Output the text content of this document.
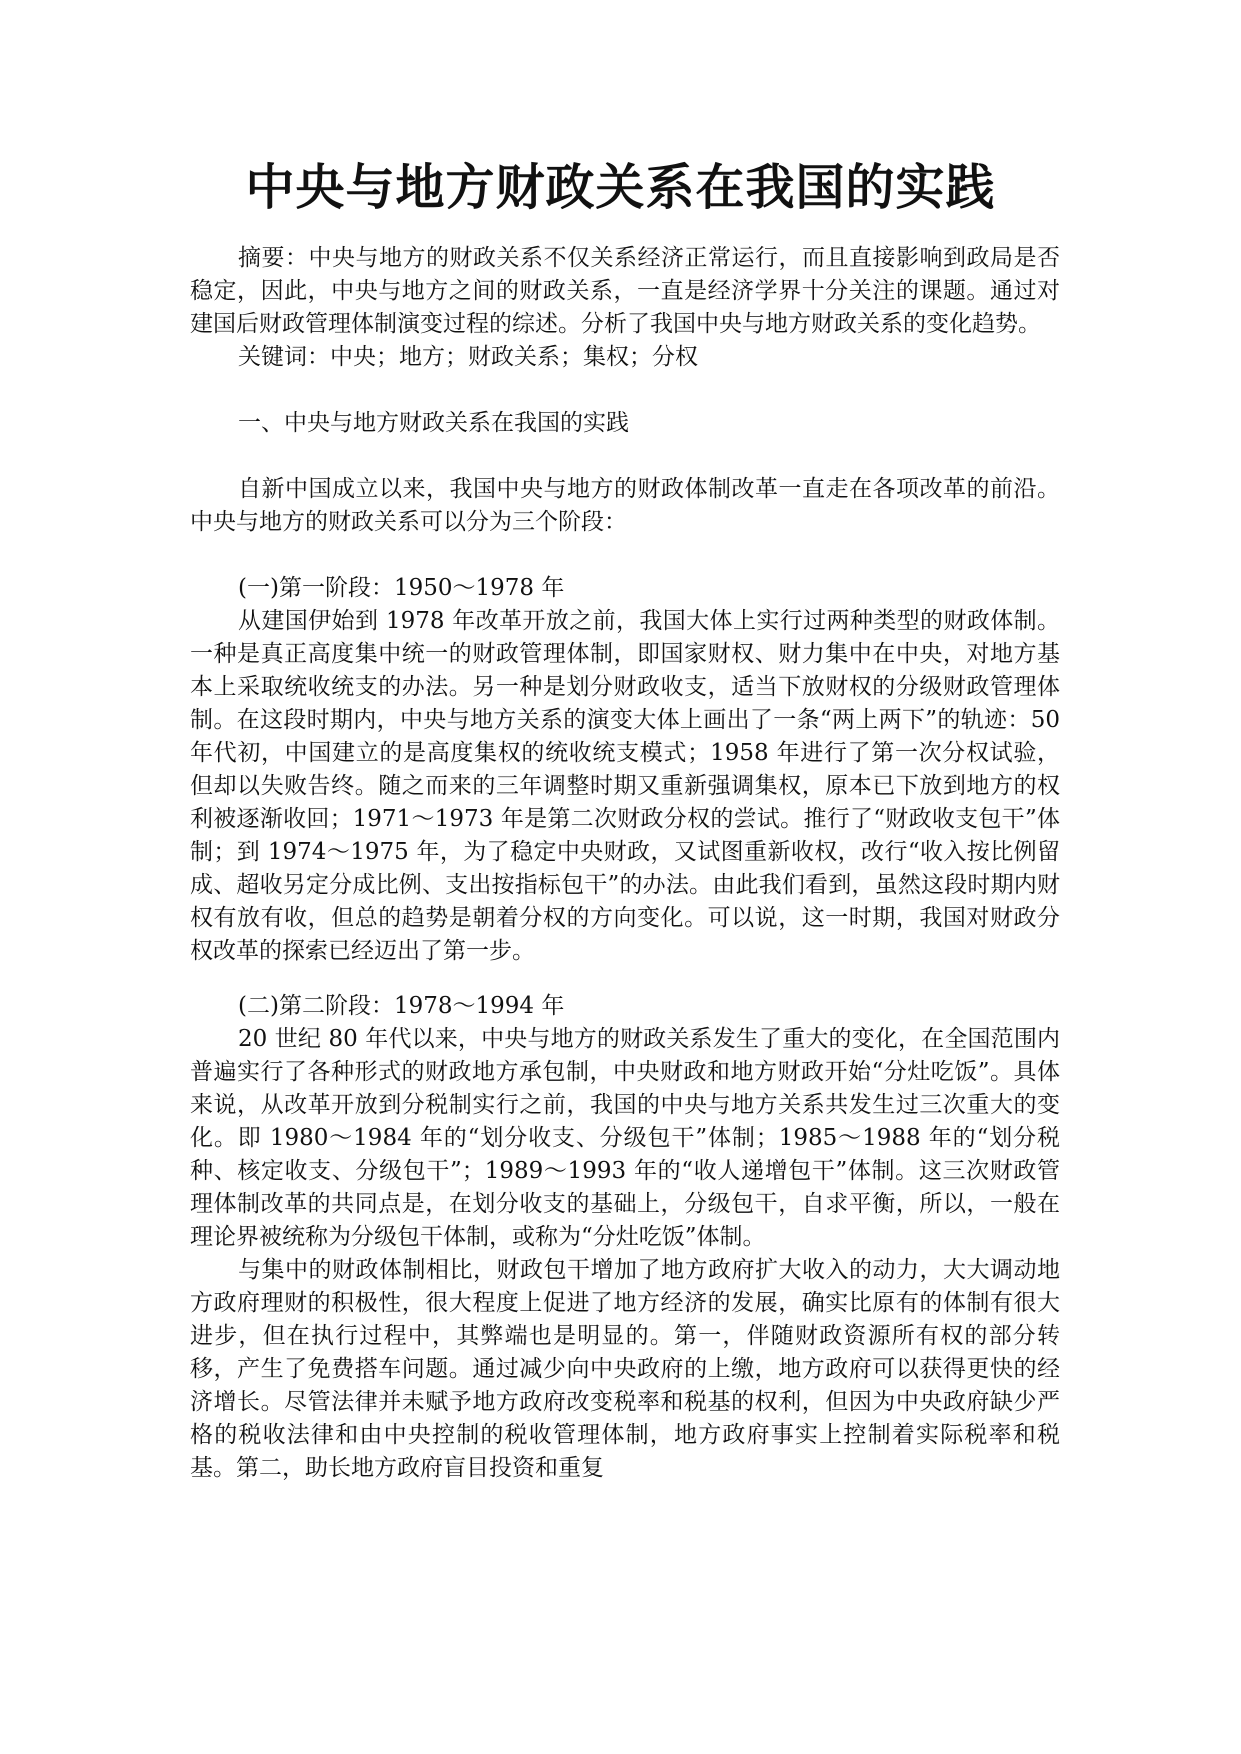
中央与地方财政关系在我国的实践

摘要：中央与地方的财政关系不仅关系经济正常运行，而且直接影响到政局是否稳定，因此，中央与地方之间的财政关系，一直是经济学界十分关注的课题。通过对建国后财政管理体制演变过程的综述。分析了我国中央与地方财政关系的变化趋势。

关键词：中央；地方；财政关系；集权；分权

一、中央与地方财政关系在我国的实践

自新中国成立以来，我国中央与地方的财政体制改革一直走在各项改革的前沿。中央与地方的财政关系可以分为三个阶段：

(一)第一阶段：1950～1978 年

从建国伊始到 1978 年改革开放之前，我国大体上实行过两种类型的财政体制。一种是真正高度集中统一的财政管理体制，即国家财权、财力集中在中央，对地方基本上采取统收统支的办法。另一种是划分财政收支，适当下放财权的分级财政管理体制。在这段时期内，中央与地方关系的演变大体上画出了一条“两上两下”的轨迹：50 年代初，中国建立的是高度集权的统收统支模式；1958 年进行了第一次分权试验，但却以失败告终。随之而来的三年调整时期又重新强调集权，原本已下放到地方的权利被逐渐收回；1971～1973 年是第二次财政分权的尝试。推行了“财政收支包干”体制；到 1974～1975 年，为了稳定中央财政，又试图重新收权，改行“收入按比例留成、超收另定分成比例、支出按指标包干”的办法。由此我们看到，虽然这段时期内财权有放有收，但总的趋势是朝着分权的方向变化。可以说，这一时期，我国对财政分权改革的探索已经迈出了第一步。

(二)第二阶段：1978～1994 年

20 世纪 80 年代以来，中央与地方的财政关系发生了重大的变化，在全国范围内普遍实行了各种形式的财政地方承包制，中央财政和地方财政开始“分灶吃饭”。具体来说，从改革开放到分税制实行之前，我国的中央与地方关系共发生过三次重大的变化。即 1980～1984 年的“划分收支、分级包干”体制；1985～1988 年的“划分税种、核定收支、分级包干”；1989～1993 年的“收人递增包干”体制。这三次财政管理体制改革的共同点是，在划分收支的基础上，分级包干，自求平衡，所以，一般在理论界被统称为分级包干体制，或称为“分灶吃饭”体制。

与集中的财政体制相比，财政包干增加了地方政府扩大收入的动力，大大调动地方政府理财的积极性，很大程度上促进了地方经济的发展，确实比原有的体制有很大进步，但在执行过程中，其弊端也是明显的。第一，伴随财政资源所有权的部分转移，产生了免费搭车问题。通过减少向中央政府的上缴，地方政府可以获得更快的经济增长。尽管法律并未赋予地方政府改变税率和税基的权利，但因为中央政府缺少严格的税收法律和由中央控制的税收管理体制，地方政府事实上控制着实际税率和税基。第二，助长地方政府盲目投资和重复
